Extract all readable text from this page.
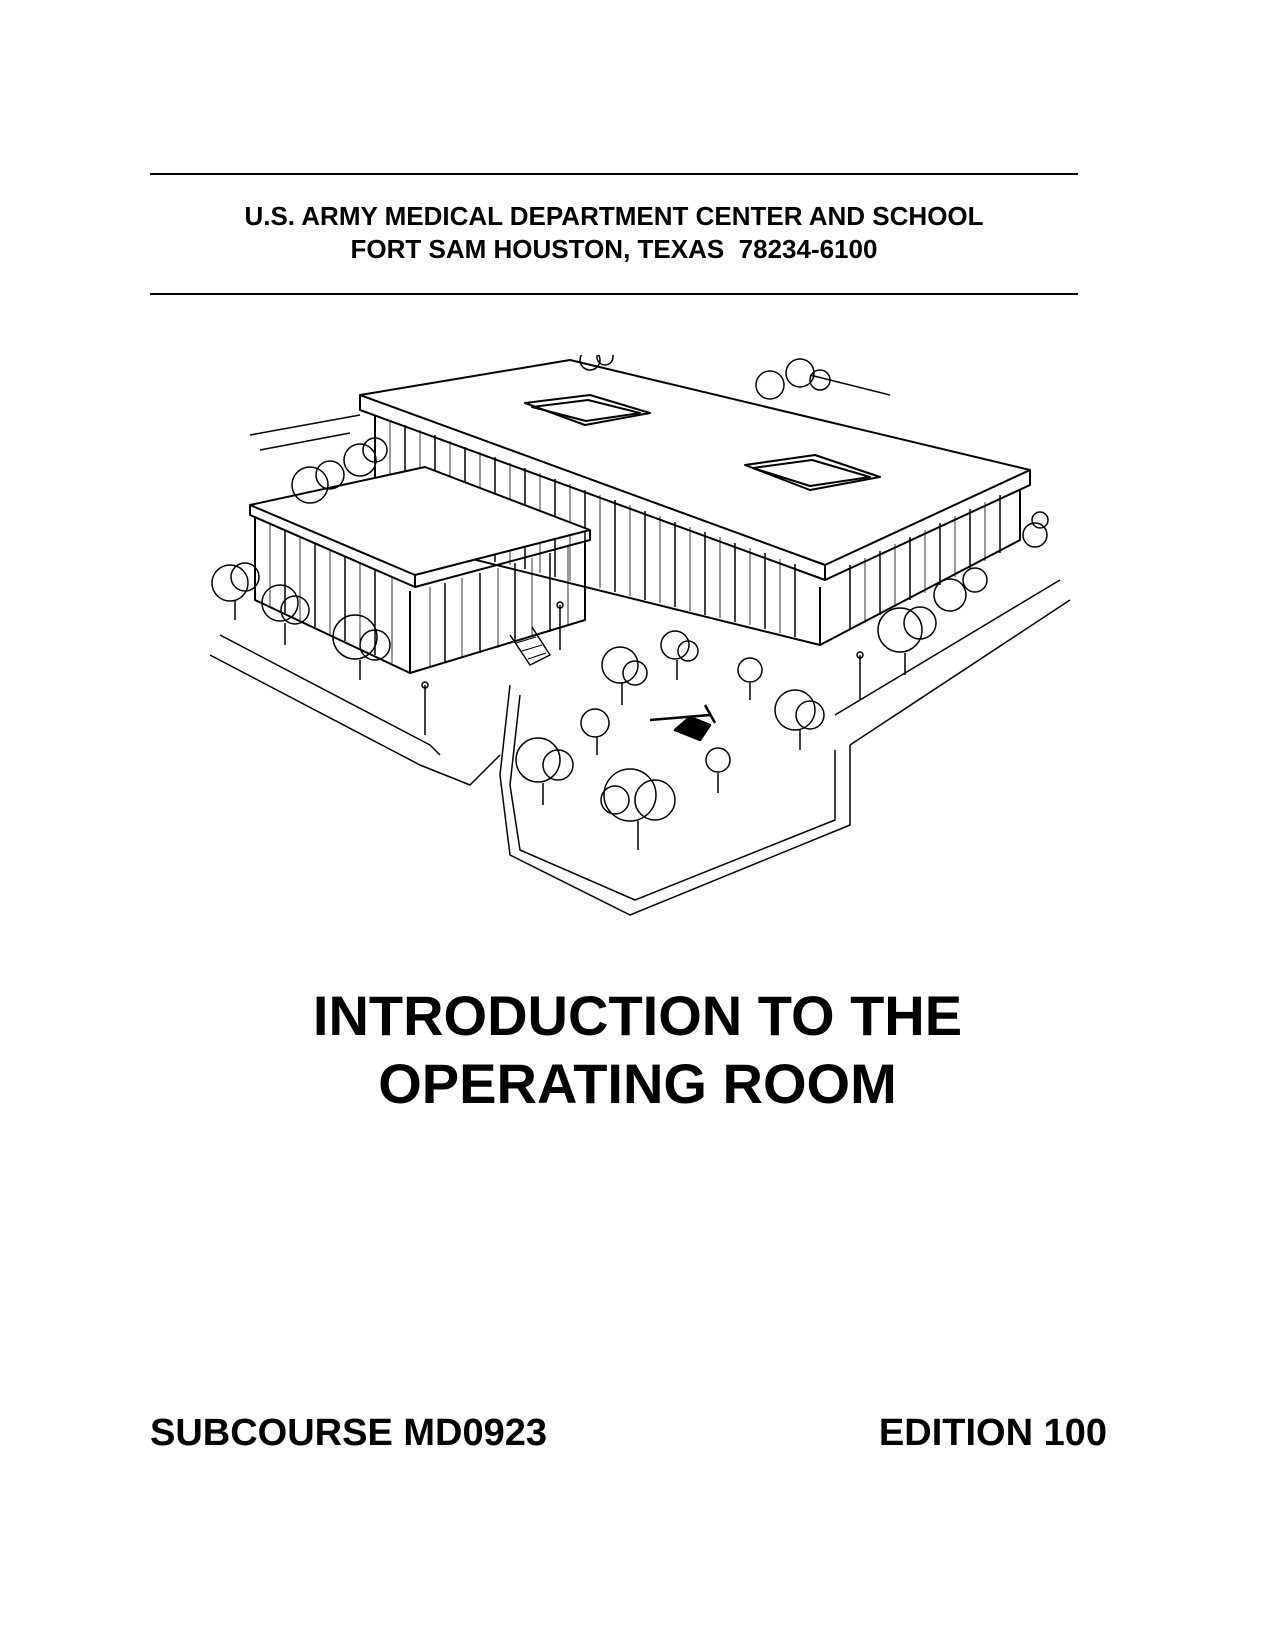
U.S. ARMY MEDICAL DEPARTMENT CENTER AND SCHOOL
FORT SAM HOUSTON, TEXAS  78234-6100
INTRODUCTION TO THE
OPERATING ROOM
SUBCOURSE MD0923	EDITION 100
